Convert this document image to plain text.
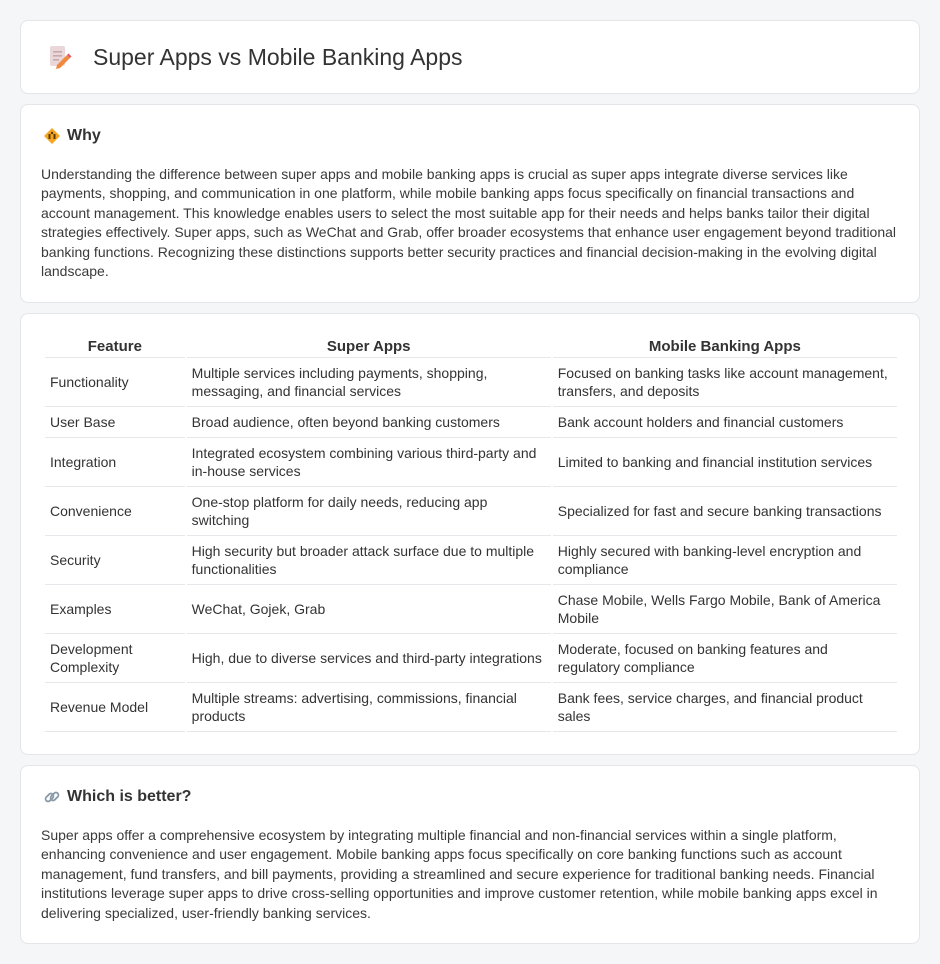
Super Apps vs Mobile Banking Apps
Why

Understanding the difference between super apps and mobile banking apps is crucial as super apps integrate diverse services like payments, shopping, and communication in one platform, while mobile banking apps focus specifically on financial transactions and account management. This knowledge enables users to select the most suitable app for their needs and helps banks tailor their digital strategies effectively. Super apps, such as WeChat and Grab, offer broader ecosystems that enhance user engagement beyond traditional banking functions. Recognizing these distinctions supports better security practices and financial decision-making in the evolving digital landscape.

Feature	Super Apps	Mobile Banking Apps
Functionality	Multiple services including payments, shopping, messaging, and financial services	Focused on banking tasks like account management, transfers, and deposits
User Base	Broad audience, often beyond banking customers	Bank account holders and financial customers
Integration	Integrated ecosystem combining various third-party and in-house services	Limited to banking and financial institution services
Convenience	One-stop platform for daily needs, reducing app switching	Specialized for fast and secure banking transactions
Security	High security but broader attack surface due to multiple functionalities	Highly secured with banking-level encryption and compliance
Examples	WeChat, Gojek, Grab	Chase Mobile, Wells Fargo Mobile, Bank of America Mobile
Development Complexity	High, due to diverse services and third-party integrations	Moderate, focused on banking features and regulatory compliance
Revenue Model	Multiple streams: advertising, commissions, financial products	Bank fees, service charges, and financial product sales
Which is better?

Super apps offer a comprehensive ecosystem by integrating multiple financial and non-financial services within a single platform, enhancing convenience and user engagement. Mobile banking apps focus specifically on core banking functions such as account management, fund transfers, and bill payments, providing a streamlined and secure experience for traditional banking needs. Financial institutions leverage super apps to drive cross-selling opportunities and improve customer retention, while mobile banking apps excel in delivering specialized, user-friendly banking services.
